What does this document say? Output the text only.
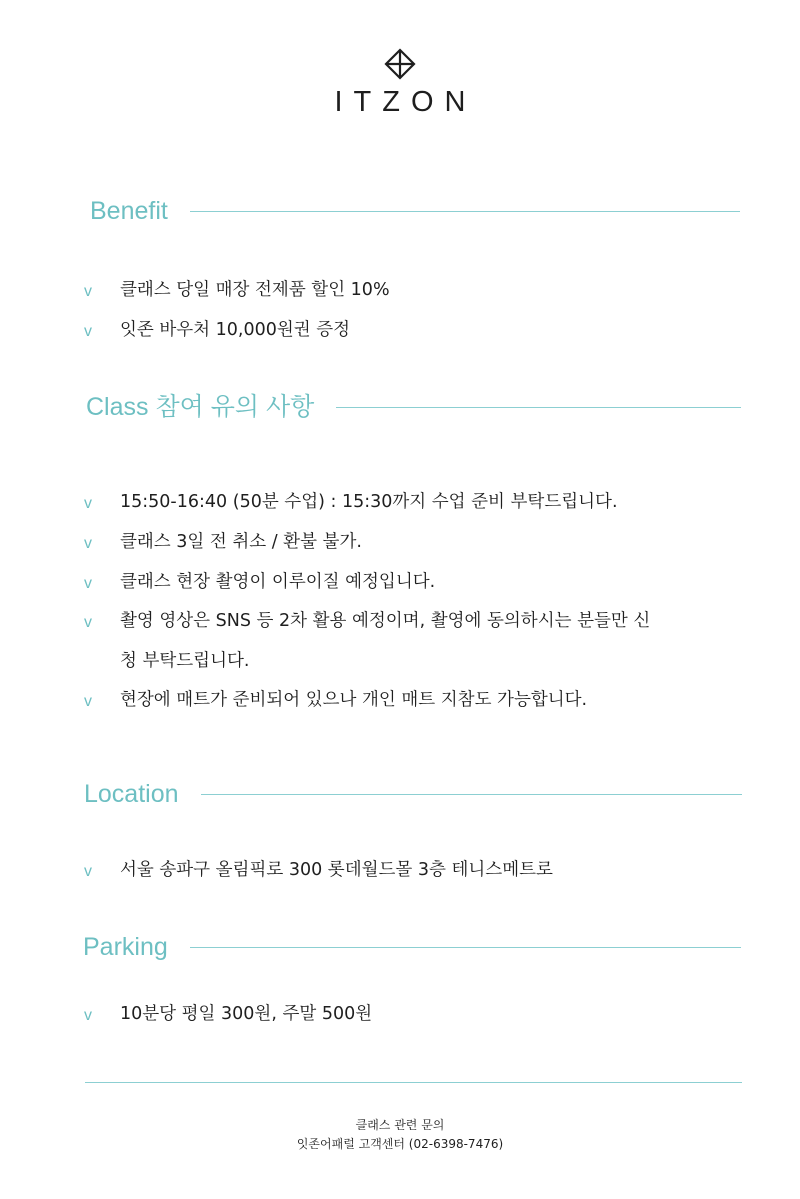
ITZON
Benefit
v	클래스 당일 매장 전제품 할인 10%
v	잇존 바우처 10,000원권 증정
Class 참여 유의 사항
v	15:50-16:40 (50분 수업) : 15:30까지 수업 준비 부탁드립니다.
v	클래스 3일 전 취소 / 환불 불가.
v	클래스 현장 촬영이 이루이질 예정입니다.
v	촬영 영상은 SNS 등 2차 활용 예정이며, 촬영에 동의하시는 분들만 신청 부탁드립니다.
v	현장에 매트가 준비되어 있으나 개인 매트 지참도 가능합니다.
Location
v	서울 송파구 올림픽로 300 롯데월드몰 3층 테니스메트로
Parking
v	10분당 평일 300원, 주말 500원
클래스 관련 문의
잇존어패럴 고객센터 (02-6398-7476)
